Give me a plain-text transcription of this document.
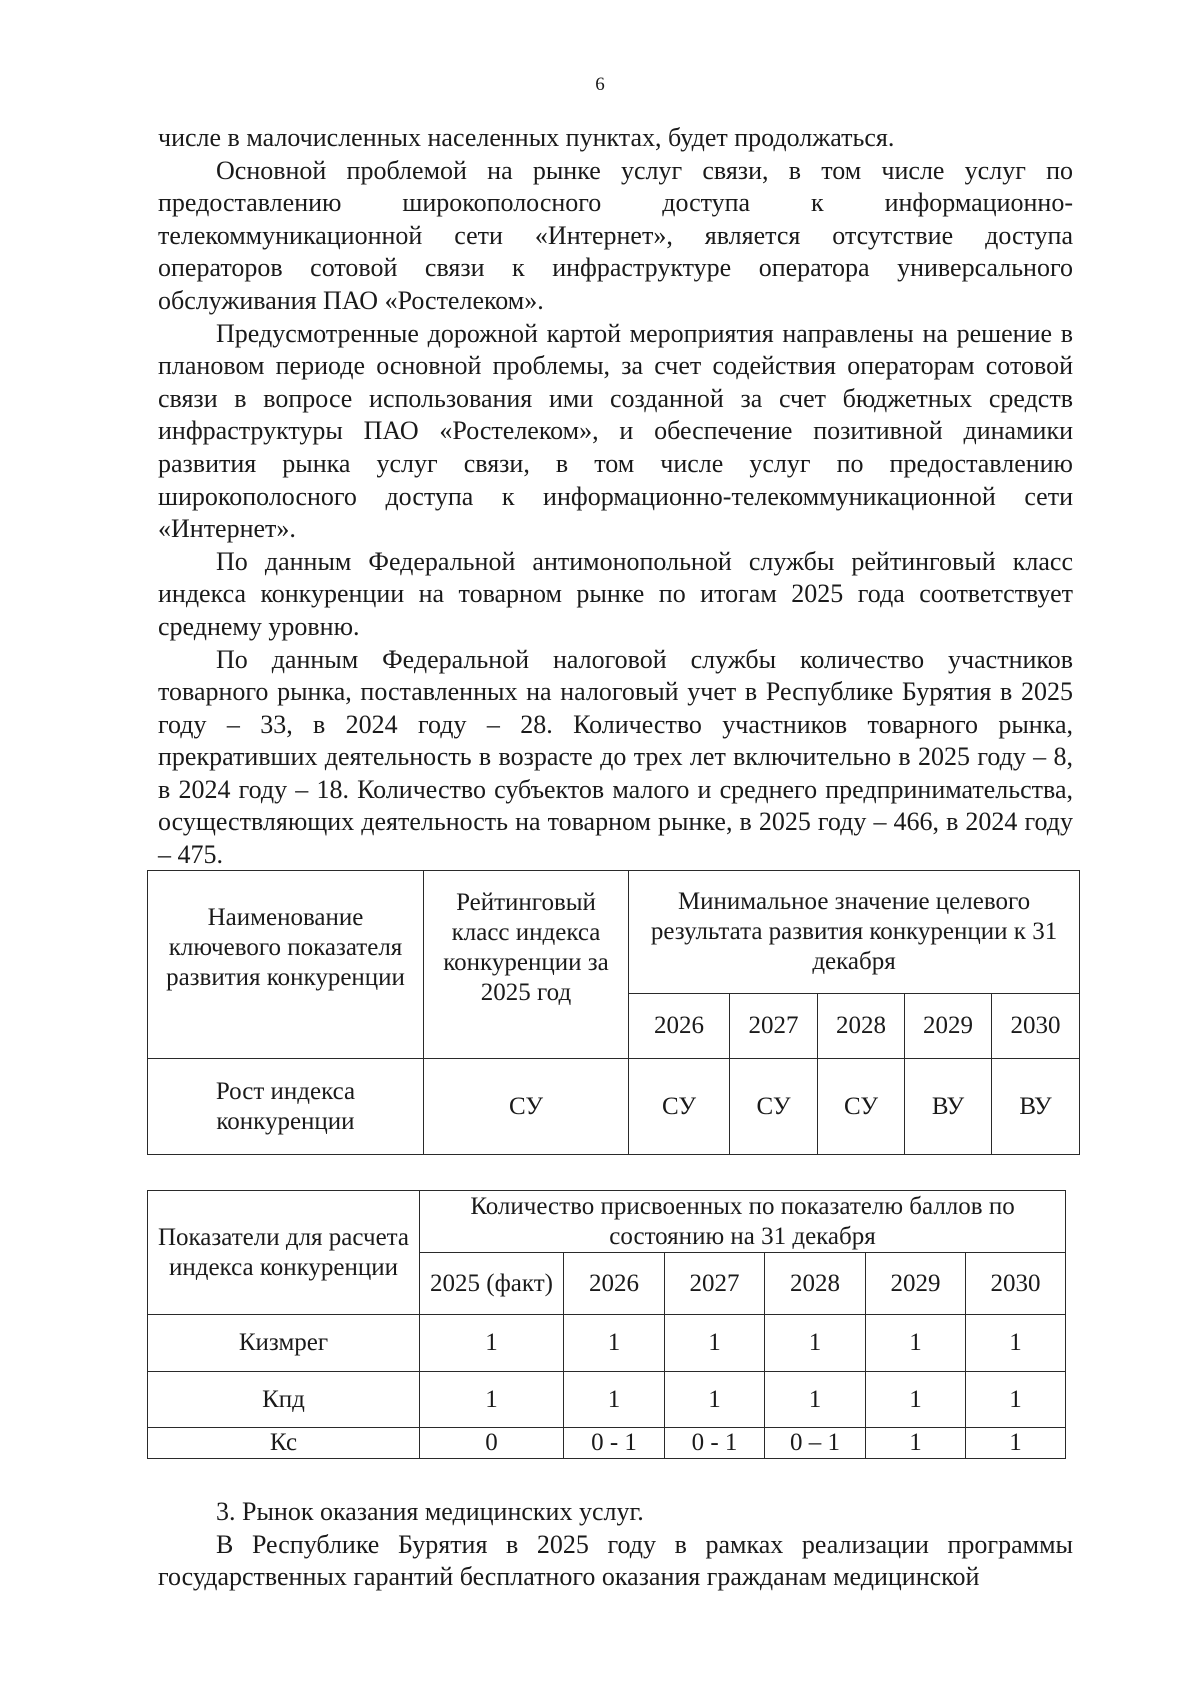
6

числе в малочисленных населенных пунктах, будет продолжаться.

Основной проблемой на рынке услуг связи, в том числе услуг по предоставлению широкополосного доступа к информационно-телекоммуникационной сети «Интернет», является отсутствие доступа операторов сотовой связи к инфраструктуре оператора универсального обслуживания ПАО «Ростелеком».

Предусмотренные дорожной картой мероприятия направлены на решение в плановом периоде основной проблемы, за счет содействия операторам сотовой связи в вопросе использования ими созданной за счет бюджетных средств инфраструктуры ПАО «Ростелеком», и обеспечение позитивной динамики развития рынка услуг связи, в том числе услуг по предоставлению широкополосного доступа к информационно-телекоммуникационной сети «Интернет».

По данным Федеральной антимонопольной службы рейтинговый класс индекса конкуренции на товарном рынке по итогам 2025 года соответствует среднему уровню.

По данным Федеральной налоговой службы количество участников товарного рынка, поставленных на налоговый учет в Республике Бурятия в 2025 году – 33, в 2024 году – 28. Количество участников товарного рынка, прекративших деятельность в возрасте до трех лет включительно в 2025 году – 8, в 2024 году – 18. Количество субъектов малого и среднего предпринимательства, осуществляющих деятельность на товарном рынке, в 2025 году – 466, в 2024 году – 475.

Наименование ключевого показателя развития конкуренции	Рейтинговый класс индекса конкуренции за 2025 год	Минимальное значение целевого результата развития конкуренции к 31 декабря				
		2026	2027	2028	2029	2030
Рост индекса конкуренции	СУ	СУ	СУ	СУ	ВУ	ВУ
Показатели для расчета индекса конкуренции	Количество присвоенных по показателю баллов по состоянию на 31 декабря					
	2025 (факт)	2026	2027	2028	2029	2030
Кизмрег	1	1	1	1	1	1
Кпд	1	1	1	1	1	1
Кс	0	0 - 1	0 - 1	0 – 1	1	1

3. Рынок оказания медицинских услуг.

В Республике Бурятия в 2025 году в рамках реализации программы государственных гарантий бесплатного оказания гражданам медицинской
